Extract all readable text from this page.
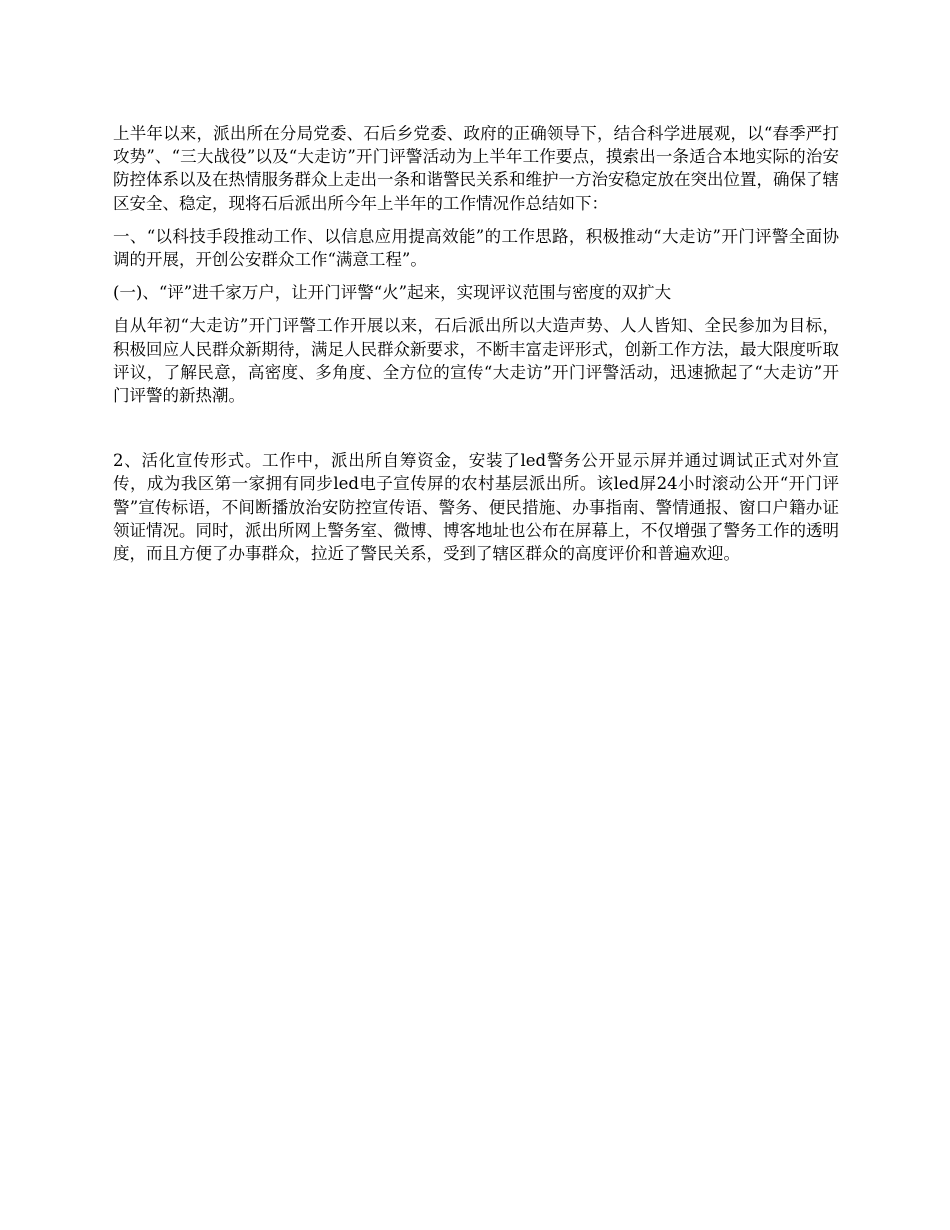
上半年以来，派出所在分局党委、石后乡党委、政府的正确领导下，结合科学进展观，以“春季严打攻势”、“三大战役”以及“大走访”开门评警活动为上半年工作要点，摸索出一条适合本地实际的治安防控体系以及在热情服务群众上走出一条和谐警民关系和维护一方治安稳定放在突出位置，确保了辖区安全、稳定，现将石后派出所今年上半年的工作情况作总结如下：

一、“以科技手段推动工作、以信息应用提高效能”的工作思路，积极推动“大走访”开门评警全面协调的开展，开创公安群众工作“满意工程”。

(一)、“评”进千家万户，让开门评警“火”起来，实现评议范围与密度的双扩大

自从年初“大走访”开门评警工作开展以来，石后派出所以大造声势、人人皆知、全民参加为目标，积极回应人民群众新期待，满足人民群众新要求，不断丰富走评形式，创新工作方法，最大限度听取评议，了解民意，高密度、多角度、全方位的宣传“大走访”开门评警活动，迅速掀起了“大走访”开门评警的新热潮。

2、活化宣传形式。工作中，派出所自筹资金，安装了led警务公开显示屏并通过调试正式对外宣传，成为我区第一家拥有同步led电子宣传屏的农村基层派出所。该led屏24小时滚动公开“开门评警”宣传标语，不间断播放治安防控宣传语、警务、便民措施、办事指南、警情通报、窗口户籍办证领证情况。同时，派出所网上警务室、微博、博客地址也公布在屏幕上，不仅增强了警务工作的透明度，而且方便了办事群众，拉近了警民关系，受到了辖区群众的高度评价和普遍欢迎。
